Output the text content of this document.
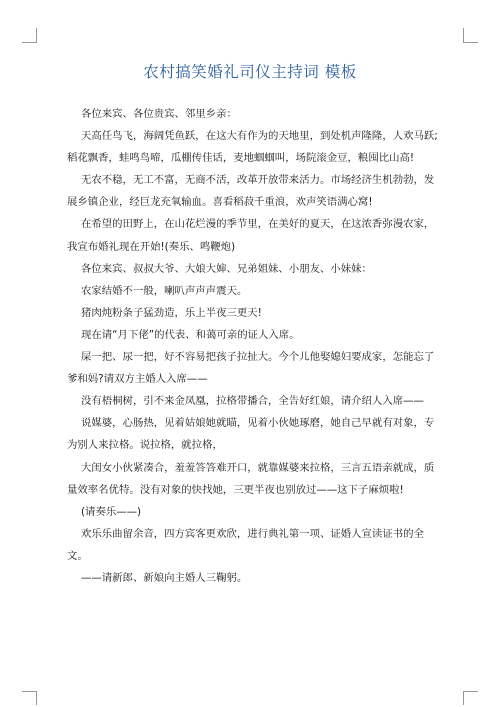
农村搞笑婚礼司仪主持词 模板

各位来宾、各位贵宾、邻里乡亲：

天高任鸟飞，海阔凭鱼跃，在这大有作为的天地里，到处机声隆隆，人欢马跃;稻花飘香，蛙鸣鸟啼，瓜棚传佳话，麦地蝈蝈叫，场院滚金豆，粮囤比山高!

无农不稳，无工不富，无商不活，改革开放带来活力。市场经济生机勃勃，发展乡镇企业，经巨龙充氧输血。喜看稻菽千重浪，欢声笑语满心窝!

在希望的田野上，在山花烂漫的季节里，在美好的夏天，在这浓香弥漫农家，我宣布婚礼现在开始!(奏乐、鸣鞭炮)

各位来宾、叔叔大爷、大娘大婶、兄弟姐妹、小朋友、小妹妹：

农家结婚不一般，喇叭声声声震天。

猪肉炖粉条子猛劲造，乐上半夜三更天!

现在请“月下佬”的代表、和蔼可亲的证人入席。

屎一把、尿一把，好不容易把孩子拉扯大。今个儿他娶媳妇要成家，怎能忘了爹和妈?请双方主婚人入席——

没有梧桐树，引不来金凤凰，拉格带播合，全告好红娘，请介绍人入席——

说媒婆，心肠热，见着姑娘她就瞄，见着小伙她琢磨，她自己早就有对象，专为别人来拉格。说拉格，就拉格，

大闺女小伙紧凑合，羞羞答答难开口，就靠媒婆来拉格，三言五语亲就成，质量效率名优特。没有对象的快找她，三更半夜也别放过——这下子麻烦啦!

(请奏乐——)

欢乐乐曲留余音，四方宾客更欢欣，进行典礼第一项、证婚人宣读证书的全文。

——请新郎、新娘向主婚人三鞠躬。
